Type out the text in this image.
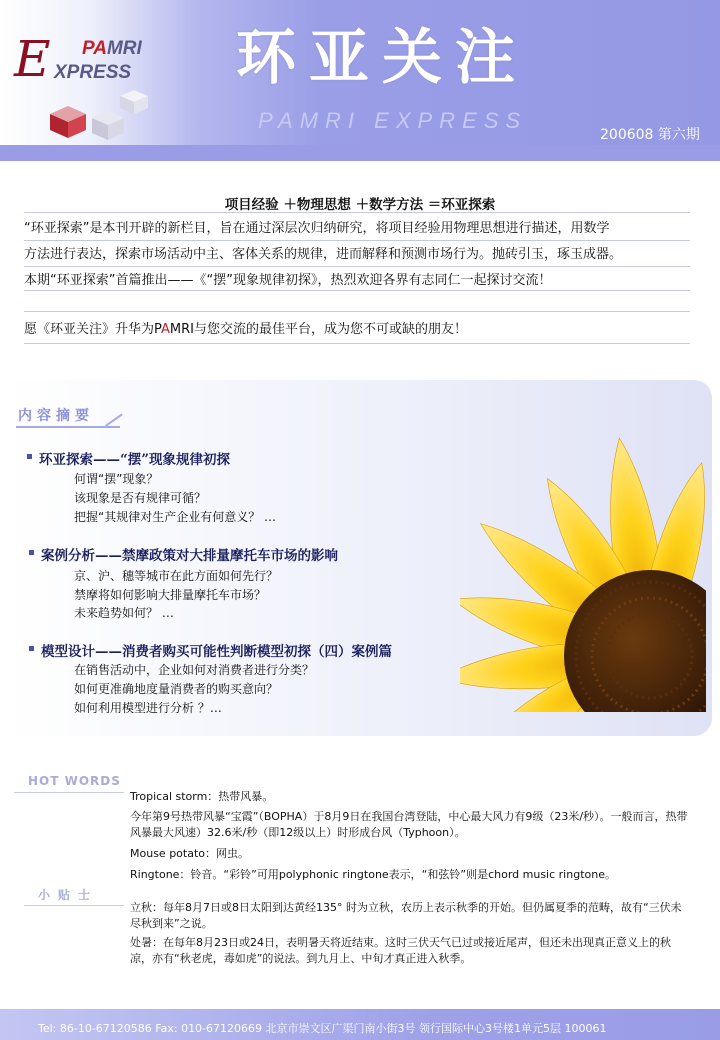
E PAMRI
XPRESS 环亚关注
PAMRI EXPRESS
200608 第六期
项目经验 ＋物理思想 ＋数学方法 ＝环亚探索

“环亚探索”是本刊开辟的新栏目，旨在通过深层次归纳研究，将项目经验用物理思想进行描述，用数学

方法进行表达，探索市场活动中主、客体关系的规律，进而解释和预测市场行为。抛砖引玉，琢玉成器。

本期“环亚探索”首篇推出——《“摆”现象规律初探》，热烈欢迎各界有志同仁一起探讨交流！

愿《环亚关注》升华为PAMRI与您交流的最佳平台，成为您不可或缺的朋友！
内容摘要
环亚探索——“摆”现象规律初探
何谓“摆”现象？
该现象是否有规律可循？
把握“其规律对生产企业有何意义？ …
案例分析——禁摩政策对大排量摩托车市场的影响
京、沪、穗等城市在此方面如何先行？
禁摩将如何影响大排量摩托车市场？
未来趋势如何？ …
模型设计——消费者购买可能性判断模型初探（四）案例篇
在销售活动中，企业如何对消费者进行分类？
如何更准确地度量消费者的购买意向？
如何利用模型进行分析 ？…
HOT WORDS
Tropical storm：热带风暴。
今年第9号热带风暴“宝霞”（BOPHA）于8月9日在我国台湾登陆，中心最大风力有9级（23米/秒）。一般而言，热带风暴最大风速）32.6米/秒（即12级以上）时形成台风（Typhoon）。
Mouse potato：网虫。
Ringtone：铃音。“彩铃”可用polyphonic ringtone表示，“和弦铃”则是chord music ringtone。
小贴士
立秋：每年8月7日或8日太阳到达黄经135° 时为立秋，农历上表示秋季的开始。但仍属夏季的范畴，故有“三伏未尽秋到来”之说。
处暑：在每年8月23日或24日，表明暑天将近结束。这时三伏天气已过或接近尾声，但还未出现真正意义上的秋凉，亦有“秋老虎，毒如虎”的说法。到九月上、中旬才真正进入秋季。
Tel: 86-10-67120586 Fax: 010-67120669 北京市崇文区广渠门南小街3号 领行国际中心3号楼1单元5层 100061
